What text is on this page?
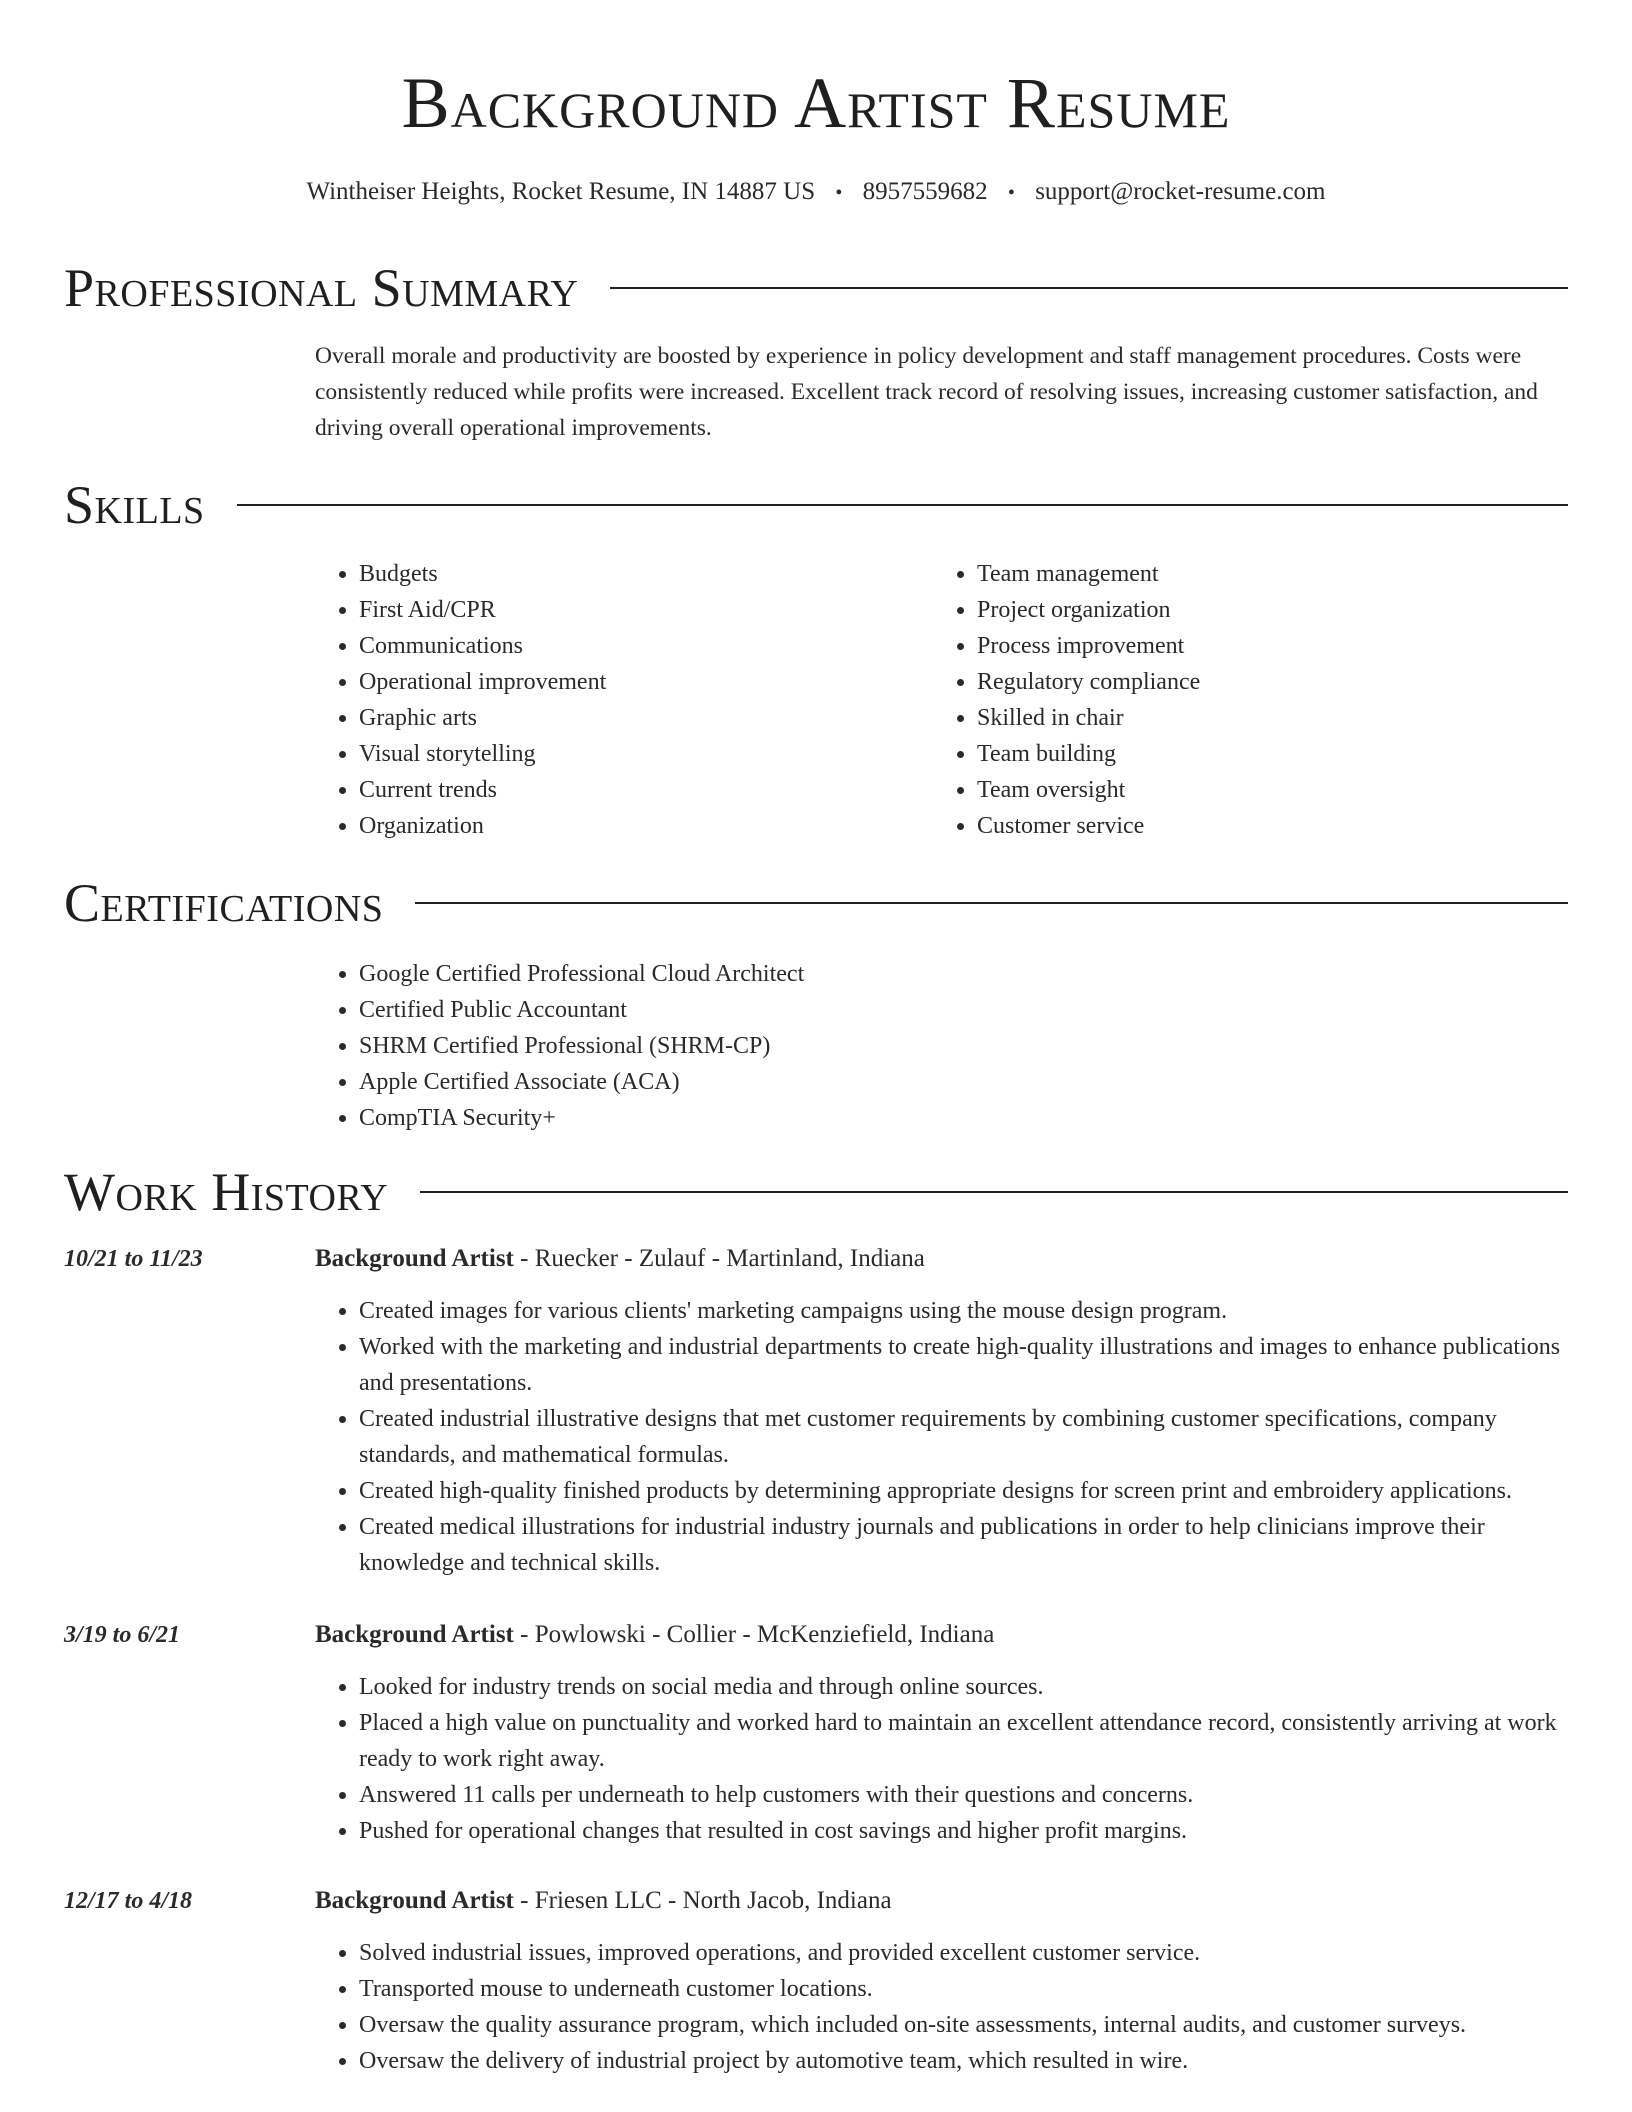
Background Artist Resume
Wintheiser Heights, Rocket Resume, IN 14887 US • 8957559682 • support@rocket-resume.com
Professional Summary

Overall morale and productivity are boosted by experience in policy development and staff management procedures. Costs were consistently reduced while profits were increased. Excellent track record of resolving issues, increasing customer satisfaction, and driving overall operational improvements.

Skills
• Budgets
• First Aid/CPR
• Communications
• Operational improvement
• Graphic arts
• Visual storytelling
• Current trends
• Organization
• Team management
• Project organization
• Process improvement
• Regulatory compliance
• Skilled in chair
• Team building
• Team oversight
• Customer service
Certifications
• Google Certified Professional Cloud Architect
• Certified Public Accountant
• SHRM Certified Professional (SHRM-CP)
• Apple Certified Associate (ACA)
• CompTIA Security+
Work History
10/21 to 11/23	Background Artist - Ruecker - Zulauf - Martinland, Indiana
• Created images for various clients' marketing campaigns using the mouse design program.
• Worked with the marketing and industrial departments to create high-quality illustrations and images to enhance publications and presentations.
• Created industrial illustrative designs that met customer requirements by combining customer specifications, company standards, and mathematical formulas.
• Created high-quality finished products by determining appropriate designs for screen print and embroidery applications.
• Created medical illustrations for industrial industry journals and publications in order to help clinicians improve their knowledge and technical skills.
3/19 to 6/21	Background Artist - Powlowski - Collier - McKenziefield, Indiana
• Looked for industry trends on social media and through online sources.
• Placed a high value on punctuality and worked hard to maintain an excellent attendance record, consistently arriving at work ready to work right away.
• Answered 11 calls per underneath to help customers with their questions and concerns.
• Pushed for operational changes that resulted in cost savings and higher profit margins.
12/17 to 4/18	Background Artist - Friesen LLC - North Jacob, Indiana
• Solved industrial issues, improved operations, and provided excellent customer service.
• Transported mouse to underneath customer locations.
• Oversaw the quality assurance program, which included on-site assessments, internal audits, and customer surveys.
• Oversaw the delivery of industrial project by automotive team, which resulted in wire.
